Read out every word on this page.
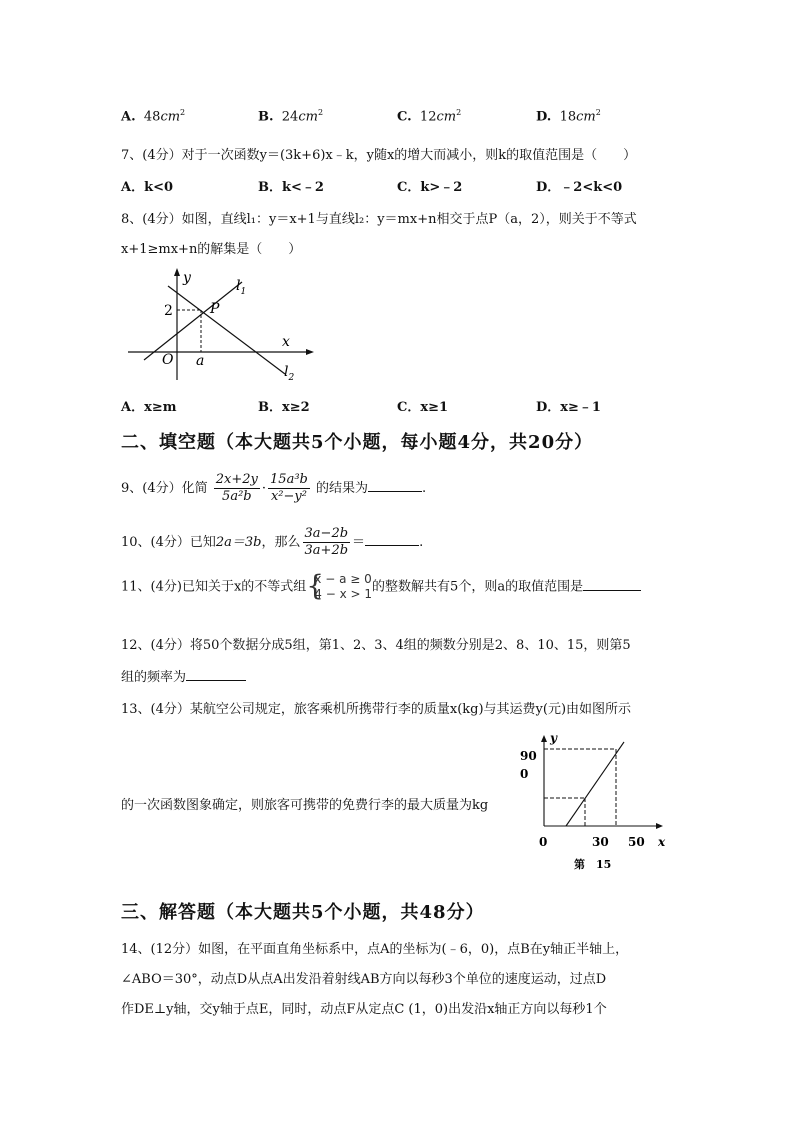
A. $48cm^2$	B. $24cm^2$	C. $12cm^2$	D. $18cm^2$
7、(4分）对于一次函数y＝(3k+6)x﹣k，y随x的增大而减小，则k的取值范围是（　　）
A．k<0	B．k<﹣2	C．k>﹣2	D．﹣2<k<0
8、(4分）如图，直线l₁：y＝x+1与直线l₂：y＝mx+n相交于点P（a，2），则关于不等式
x+1≥mx+n的解集是（　　）
y
x
O
2
a
P
$l_1$
$l_2$
A．x≥m	B．x≥2	C．x≥1	D．x≥﹣1
二、填空题（本大题共5个小题，每小题4分，共20分）
9、(4分）化简 $\frac{2x+2y}{\text{5a²b}} \cdot \frac{\text{15a³b}}{\text{x²−y²}}$ 的结果为	.
10、(4分）已知2a＝3b，那么 $\frac{3a-2b}{3a+2b}$ ＝	.
11、(4分)已知关于x的不等式组 {
x − a ≥ 0
4 − x > 1 的整数解共有5个，则a的取值范围是
12、(4分）将50个数据分成5组，第1、2、3、4组的频数分别是2、8、10、15，则第5
组的频率为
13、(4分）某航空公司规定，旅客乘机所携带行李的质量x(kg)与其运费y(元)由如图所示
y
x
90
0
0	30 50
第　15
的一次函数图象确定，则旅客可携带的免费行李的最大质量为kg
三、解答题（本大题共5个小题，共48分）
14、(12分）如图，在平面直角坐标系中，点A的坐标为(﹣6，0)，点B在y轴正半轴上，
∠ABO＝30°，动点D从点A出发沿着射线AB方向以每秒3个单位的速度运动，过点D
作DE⊥y轴，交y轴于点E，同时，动点F从定点C (1，0)出发沿x轴正方向以每秒1个
